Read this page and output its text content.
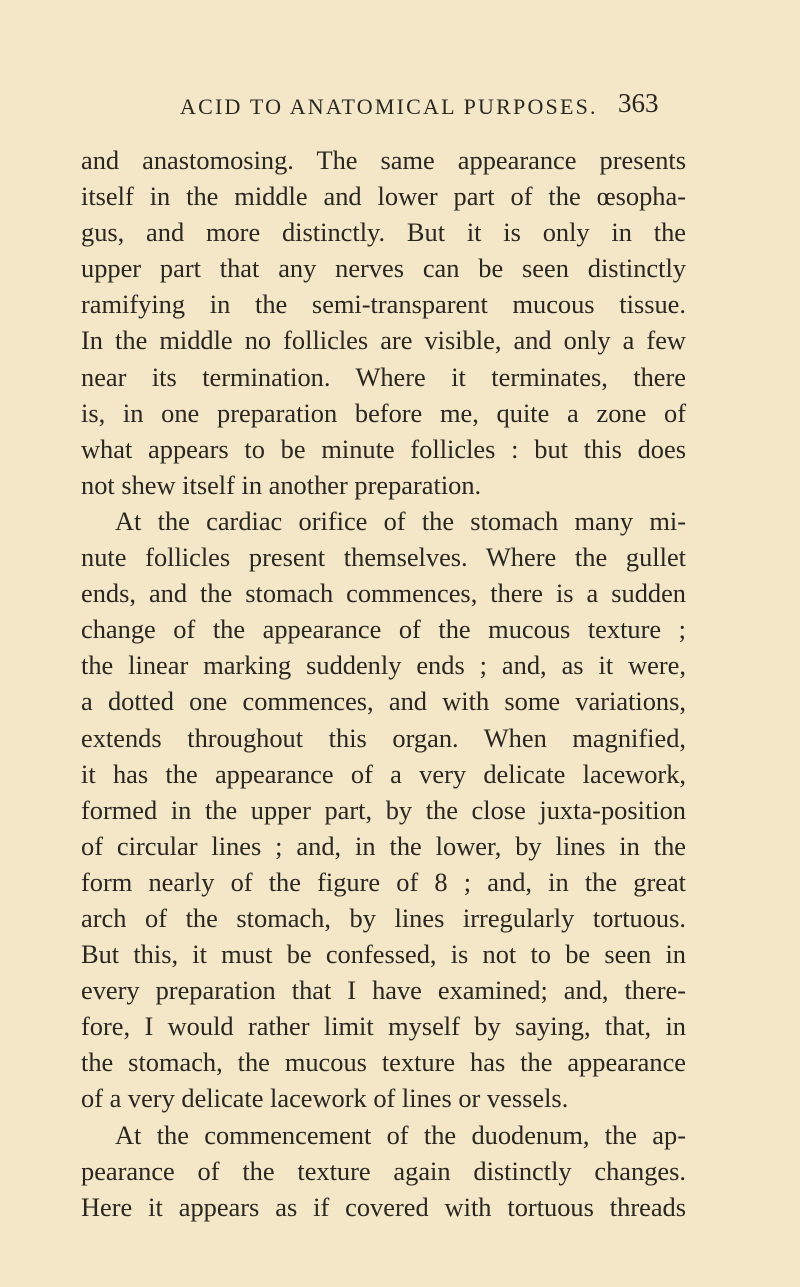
ACID TO ANATOMICAL PURPOSES. 363
and anastomosing. The same appearance presents
itself in the middle and lower part of the œsopha-
gus, and more distinctly. But it is only in the
upper part that any nerves can be seen distinctly
ramifying in the semi-transparent mucous tissue.
In the middle no follicles are visible, and only a few
near its termination. Where it terminates, there
is, in one preparation before me, quite a zone of
what appears to be minute follicles : but this does
not shew itself in another preparation.
At the cardiac orifice of the stomach many mi-
nute follicles present themselves. Where the gullet
ends, and the stomach commences, there is a sudden
change of the appearance of the mucous texture ;
the linear marking suddenly ends ; and, as it were,
a dotted one commences, and with some variations,
extends throughout this organ. When magnified,
it has the appearance of a very delicate lacework,
formed in the upper part, by the close juxta-position
of circular lines ; and, in the lower, by lines in the
form nearly of the figure of 8 ; and, in the great
arch of the stomach, by lines irregularly tortuous.
But this, it must be confessed, is not to be seen in
every preparation that I have examined; and, there-
fore, I would rather limit myself by saying, that, in
the stomach, the mucous texture has the appearance
of a very delicate lacework of lines or vessels.
At the commencement of the duodenum, the ap-
pearance of the texture again distinctly changes.
Here it appears as if covered with tortuous threads
